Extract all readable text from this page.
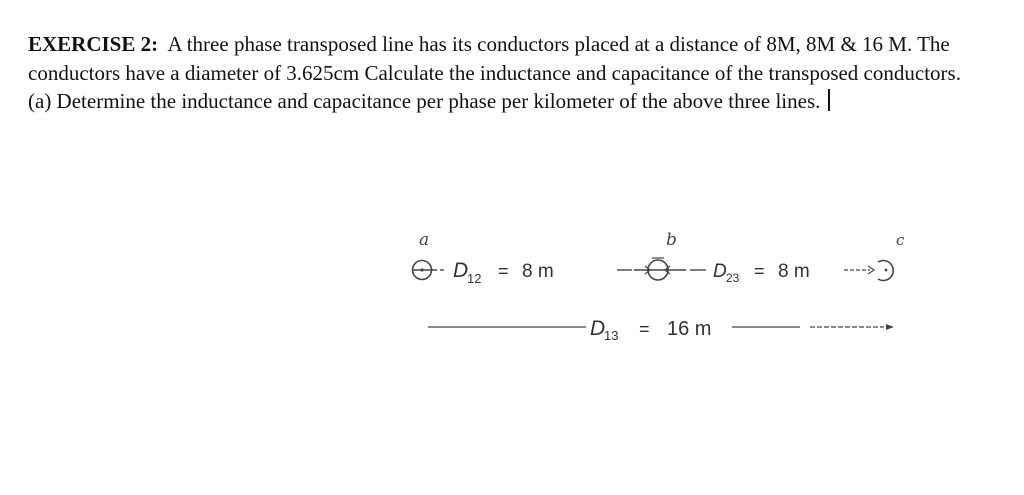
EXERCISE 2: A three phase transposed line has its conductors placed at a distance of 8M, 8M & 16 M. The conductors have a diameter of 3.625cm Calculate the inductance and capacitance of the transposed conductors. (a) Determine the inductance and capacitance per phase per kilometer of the above three lines.
a	b	c
D
12 = 8 m	D 23 = 8 m
D
13 = 16 m
